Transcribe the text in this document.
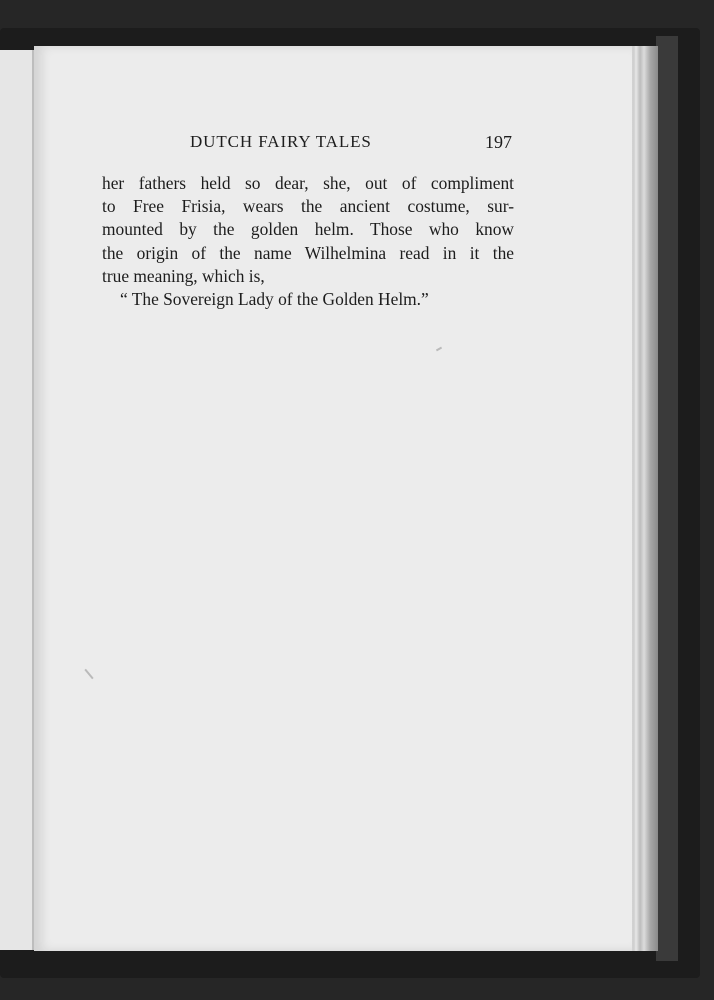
DUTCH FAIRY TALES	197
her fathers held so dear, she, out of compliment
to Free Frisia, wears the ancient costume, sur-
mounted by the golden helm. Those who know
the origin of the name Wilhelmina read in it the
true meaning, which is,
“ The Sovereign Lady of the Golden Helm.”
